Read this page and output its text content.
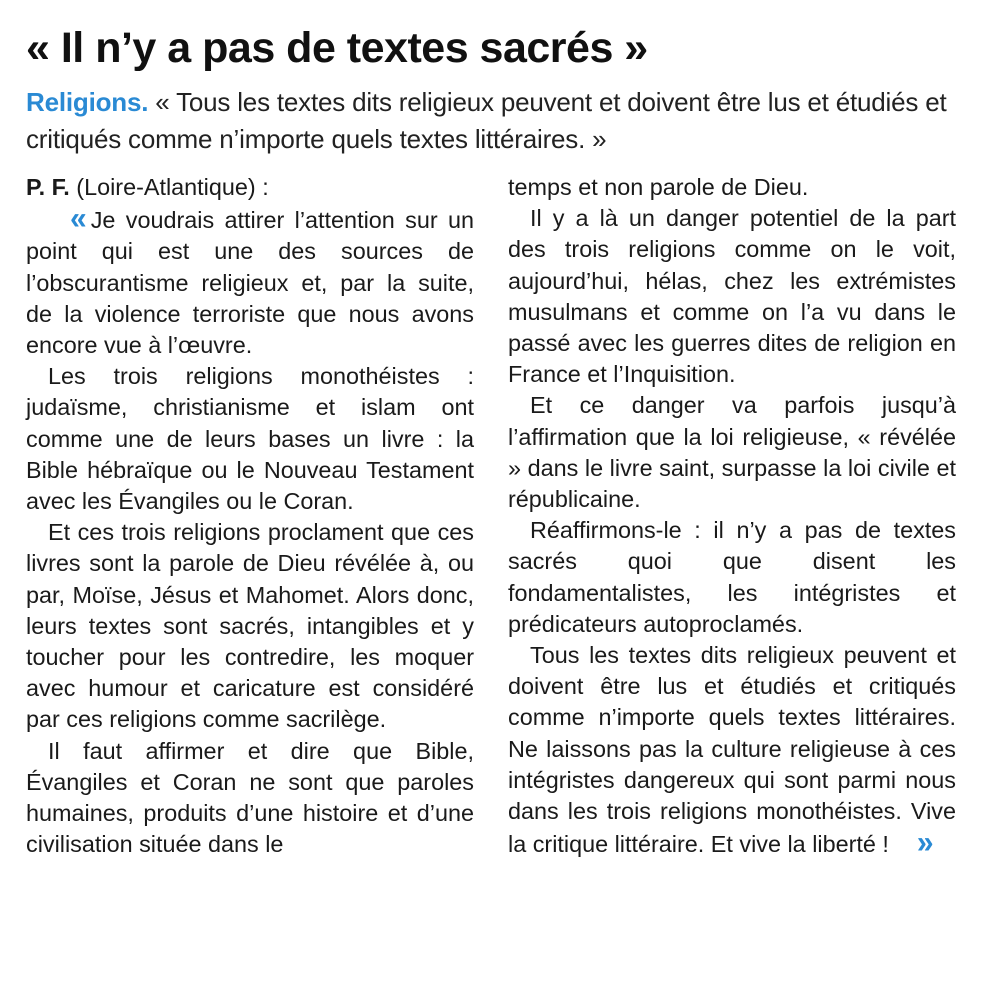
« Il n’y a pas de textes sacrés »

Religions. « Tous les textes dits religieux peuvent et doivent être lus et étudiés et critiqués comme n’importe quels textes littéraires. »

P. F. (Loire-Atlantique) :

« Je voudrais attirer l’attention sur un point qui est une des sources de l’obscurantisme religieux et, par la suite, de la violence terroriste que nous avons encore vue à l’œuvre.

Les trois religions monothéistes : judaïsme, christianisme et islam ont comme une de leurs bases un livre : la Bible hébraïque ou le Nouveau Testament avec les Évangiles ou le Coran.

Et ces trois religions proclament que ces livres sont la parole de Dieu révélée à, ou par, Moïse, Jésus et Mahomet. Alors donc, leurs textes sont sacrés, intangibles et y toucher pour les contredire, les moquer avec humour et caricature est considéré par ces religions comme sacrilège.

Il faut affirmer et dire que Bible, Évangiles et Coran ne sont que paroles humaines, produits d’une histoire et d’une civilisation située dans le

temps et non parole de Dieu.

Il y a là un danger potentiel de la part des trois religions comme on le voit, aujourd’hui, hélas, chez les extrémistes musulmans et comme on l’a vu dans le passé avec les guerres dites de religion en France et l’Inquisition.

Et ce danger va parfois jusqu’à l’affirmation que la loi religieuse, « révélée » dans le livre saint, surpasse la loi civile et républicaine.

Réaffirmons-le : il n’y a pas de textes sacrés quoi que disent les fondamentalistes, les intégristes et prédicateurs autoproclamés.

Tous les textes dits religieux peuvent et doivent être lus et étudiés et critiqués comme n’importe quels textes littéraires. Ne laissons pas la culture religieuse à ces intégristes dangereux qui sont parmi nous dans les trois religions monothéistes. Vive la critique littéraire. Et vive la liberté ! »
